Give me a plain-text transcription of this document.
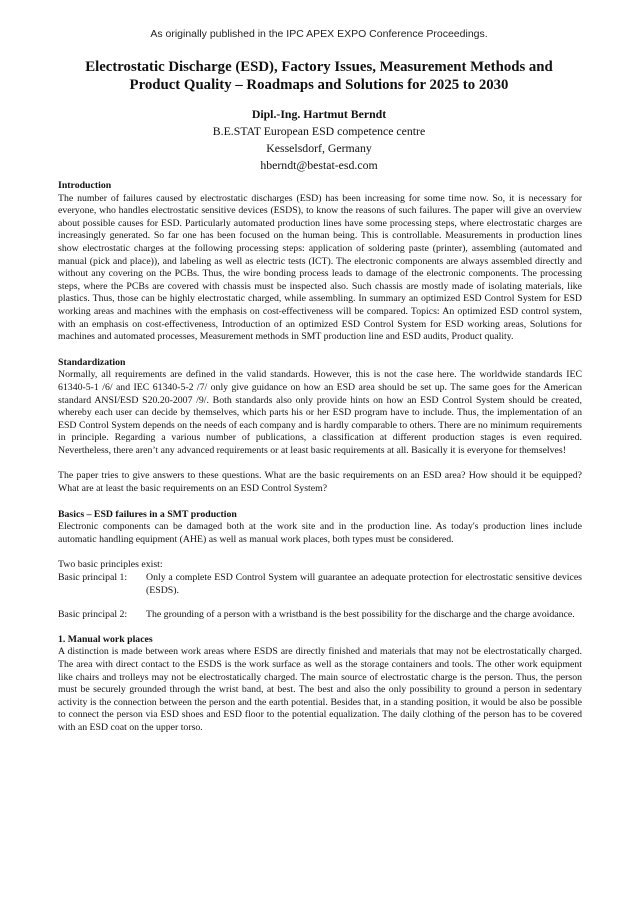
As originally published in the IPC APEX EXPO Conference Proceedings.
Electrostatic Discharge (ESD), Factory Issues, Measurement Methods and Product Quality – Roadmaps and Solutions for 2025 to 2030
Dipl.-Ing. Hartmut Berndt
B.E.STAT European ESD competence centre
Kesselsdorf, Germany
hberndt@bestat-esd.com
Introduction

The number of failures caused by electrostatic discharges (ESD) has been increasing for some time now. So, it is necessary for everyone, who handles electrostatic sensitive devices (ESDS), to know the reasons of such failures. The paper will give an overview about possible causes for ESD. Particularly automated production lines have some processing steps, where electrostatic charges are increasingly generated. So far one has been focused on the human being. This is controllable. Measurements in production lines show electrostatic charges at the following processing steps: application of soldering paste (printer), assembling (automated and manual (pick and place)), and labeling as well as electric tests (ICT). The electronic components are always assembled directly and without any covering on the PCBs. Thus, the wire bonding process leads to damage of the electronic components. The processing steps, where the PCBs are covered with chassis must be inspected also. Such chassis are mostly made of isolating materials, like plastics. Thus, those can be highly electrostatic charged, while assembling. In summary an optimized ESD Control System for ESD working areas and machines with the emphasis on cost-effectiveness will be compared. Topics: An optimized ESD control system, with an emphasis on cost-effectiveness, Introduction of an optimized ESD Control System for ESD working areas, Solutions for machines and automated processes, Measurement methods in SMT production line and ESD audits, Product quality.

Standardization

Normally, all requirements are defined in the valid standards. However, this is not the case here. The worldwide standards IEC 61340-5-1 /6/ and IEC 61340-5-2 /7/ only give guidance on how an ESD area should be set up. The same goes for the American standard ANSI/ESD S20.20-2007 /9/. Both standards also only provide hints on how an ESD Control System should be created, whereby each user can decide by themselves, which parts his or her ESD program have to include. Thus, the implementation of an ESD Control System depends on the needs of each company and is hardly comparable to others. There are no minimum requirements in principle. Regarding a various number of publications, a classification at different production stages is even required. Nevertheless, there aren’t any advanced requirements or at least basic requirements at all. Basically it is everyone for themselves!

The paper tries to give answers to these questions. What are the basic requirements on an ESD area? How should it be equipped? What are at least the basic requirements on an ESD Control System?

Basics – ESD failures in a SMT production

Electronic components can be damaged both at the work site and in the production line. As today's production lines include automatic handling equipment (AHE) as well as manual work places, both types must be considered.

Two basic principles exist:

Basic principal 1:	Only a complete ESD Control System will guarantee an adequate protection for electrostatic sensitive devices (ESDS).
Basic principal 2:	The grounding of a person with a wristband is the best possibility for the discharge and the charge avoidance.
1. Manual work places

A distinction is made between work areas where ESDS are directly finished and materials that may not be electrostatically charged. The area with direct contact to the ESDS is the work surface as well as the storage containers and tools. The other work equipment like chairs and trolleys may not be electrostatically charged. The main source of electrostatic charge is the person. Thus, the person must be securely grounded through the wrist band, at best. The best and also the only possibility to ground a person in sedentary activity is the connection between the person and the earth potential. Besides that, in a standing position, it would be also be possible to connect the person via ESD shoes and ESD floor to the potential equalization. The daily clothing of the person has to be covered with an ESD coat on the upper torso.
